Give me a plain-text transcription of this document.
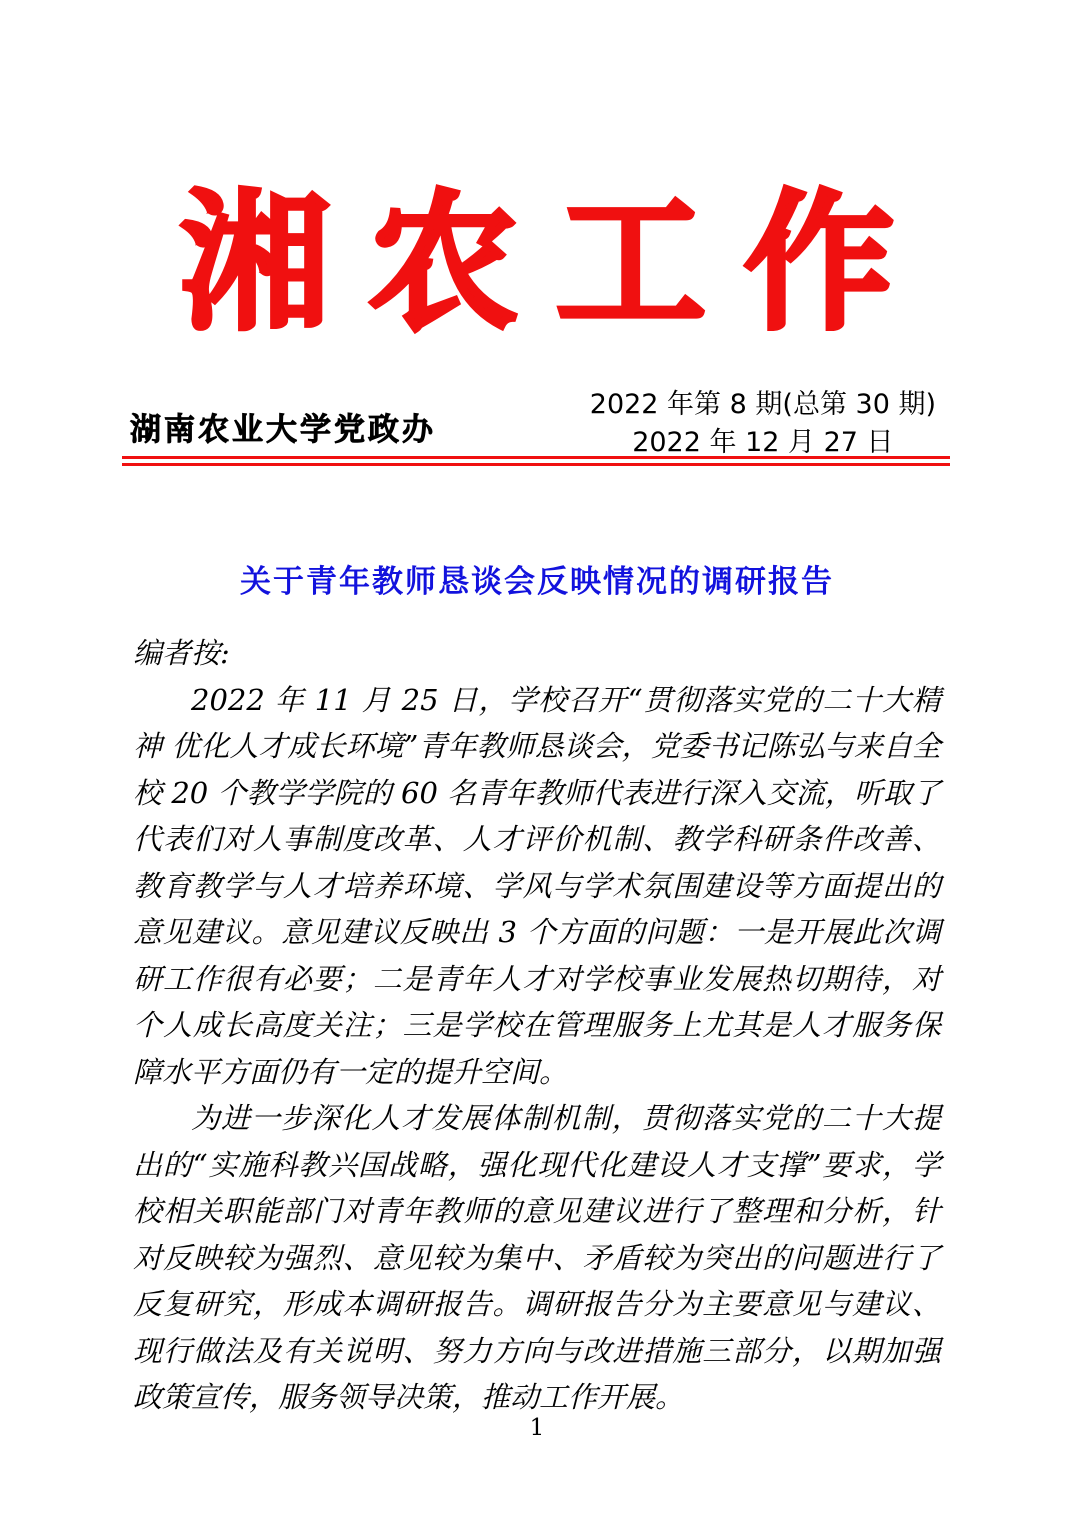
湘农工作
湖南农业大学党政办
2022 年第 8 期(总第 30 期)
2022 年 12 月 27 日
关于青年教师恳谈会反映情况的调研报告
编者按:

2022 年 11 月 25 日，学校召开“贯彻落实党的二十大精神 优化人才成长环境”青年教师恳谈会，党委书记陈弘与来自全校 20 个教学学院的 60 名青年教师代表进行深入交流，听取了代表们对人事制度改革、人才评价机制、教学科研条件改善、教育教学与人才培养环境、学风与学术氛围建设等方面提出的意见建议。意见建议反映出 3 个方面的问题：一是开展此次调研工作很有必要；二是青年人才对学校事业发展热切期待，对个人成长高度关注；三是学校在管理服务上尤其是人才服务保障水平方面仍有一定的提升空间。

为进一步深化人才发展体制机制，贯彻落实党的二十大提出的“实施科教兴国战略，强化现代化建设人才支撑”要求，学校相关职能部门对青年教师的意见建议进行了整理和分析，针对反映较为强烈、意见较为集中、矛盾较为突出的问题进行了反复研究，形成本调研报告。调研报告分为主要意见与建议、现行做法及有关说明、努力方向与改进措施三部分，以期加强政策宣传，服务领导决策，推动工作开展。

1
